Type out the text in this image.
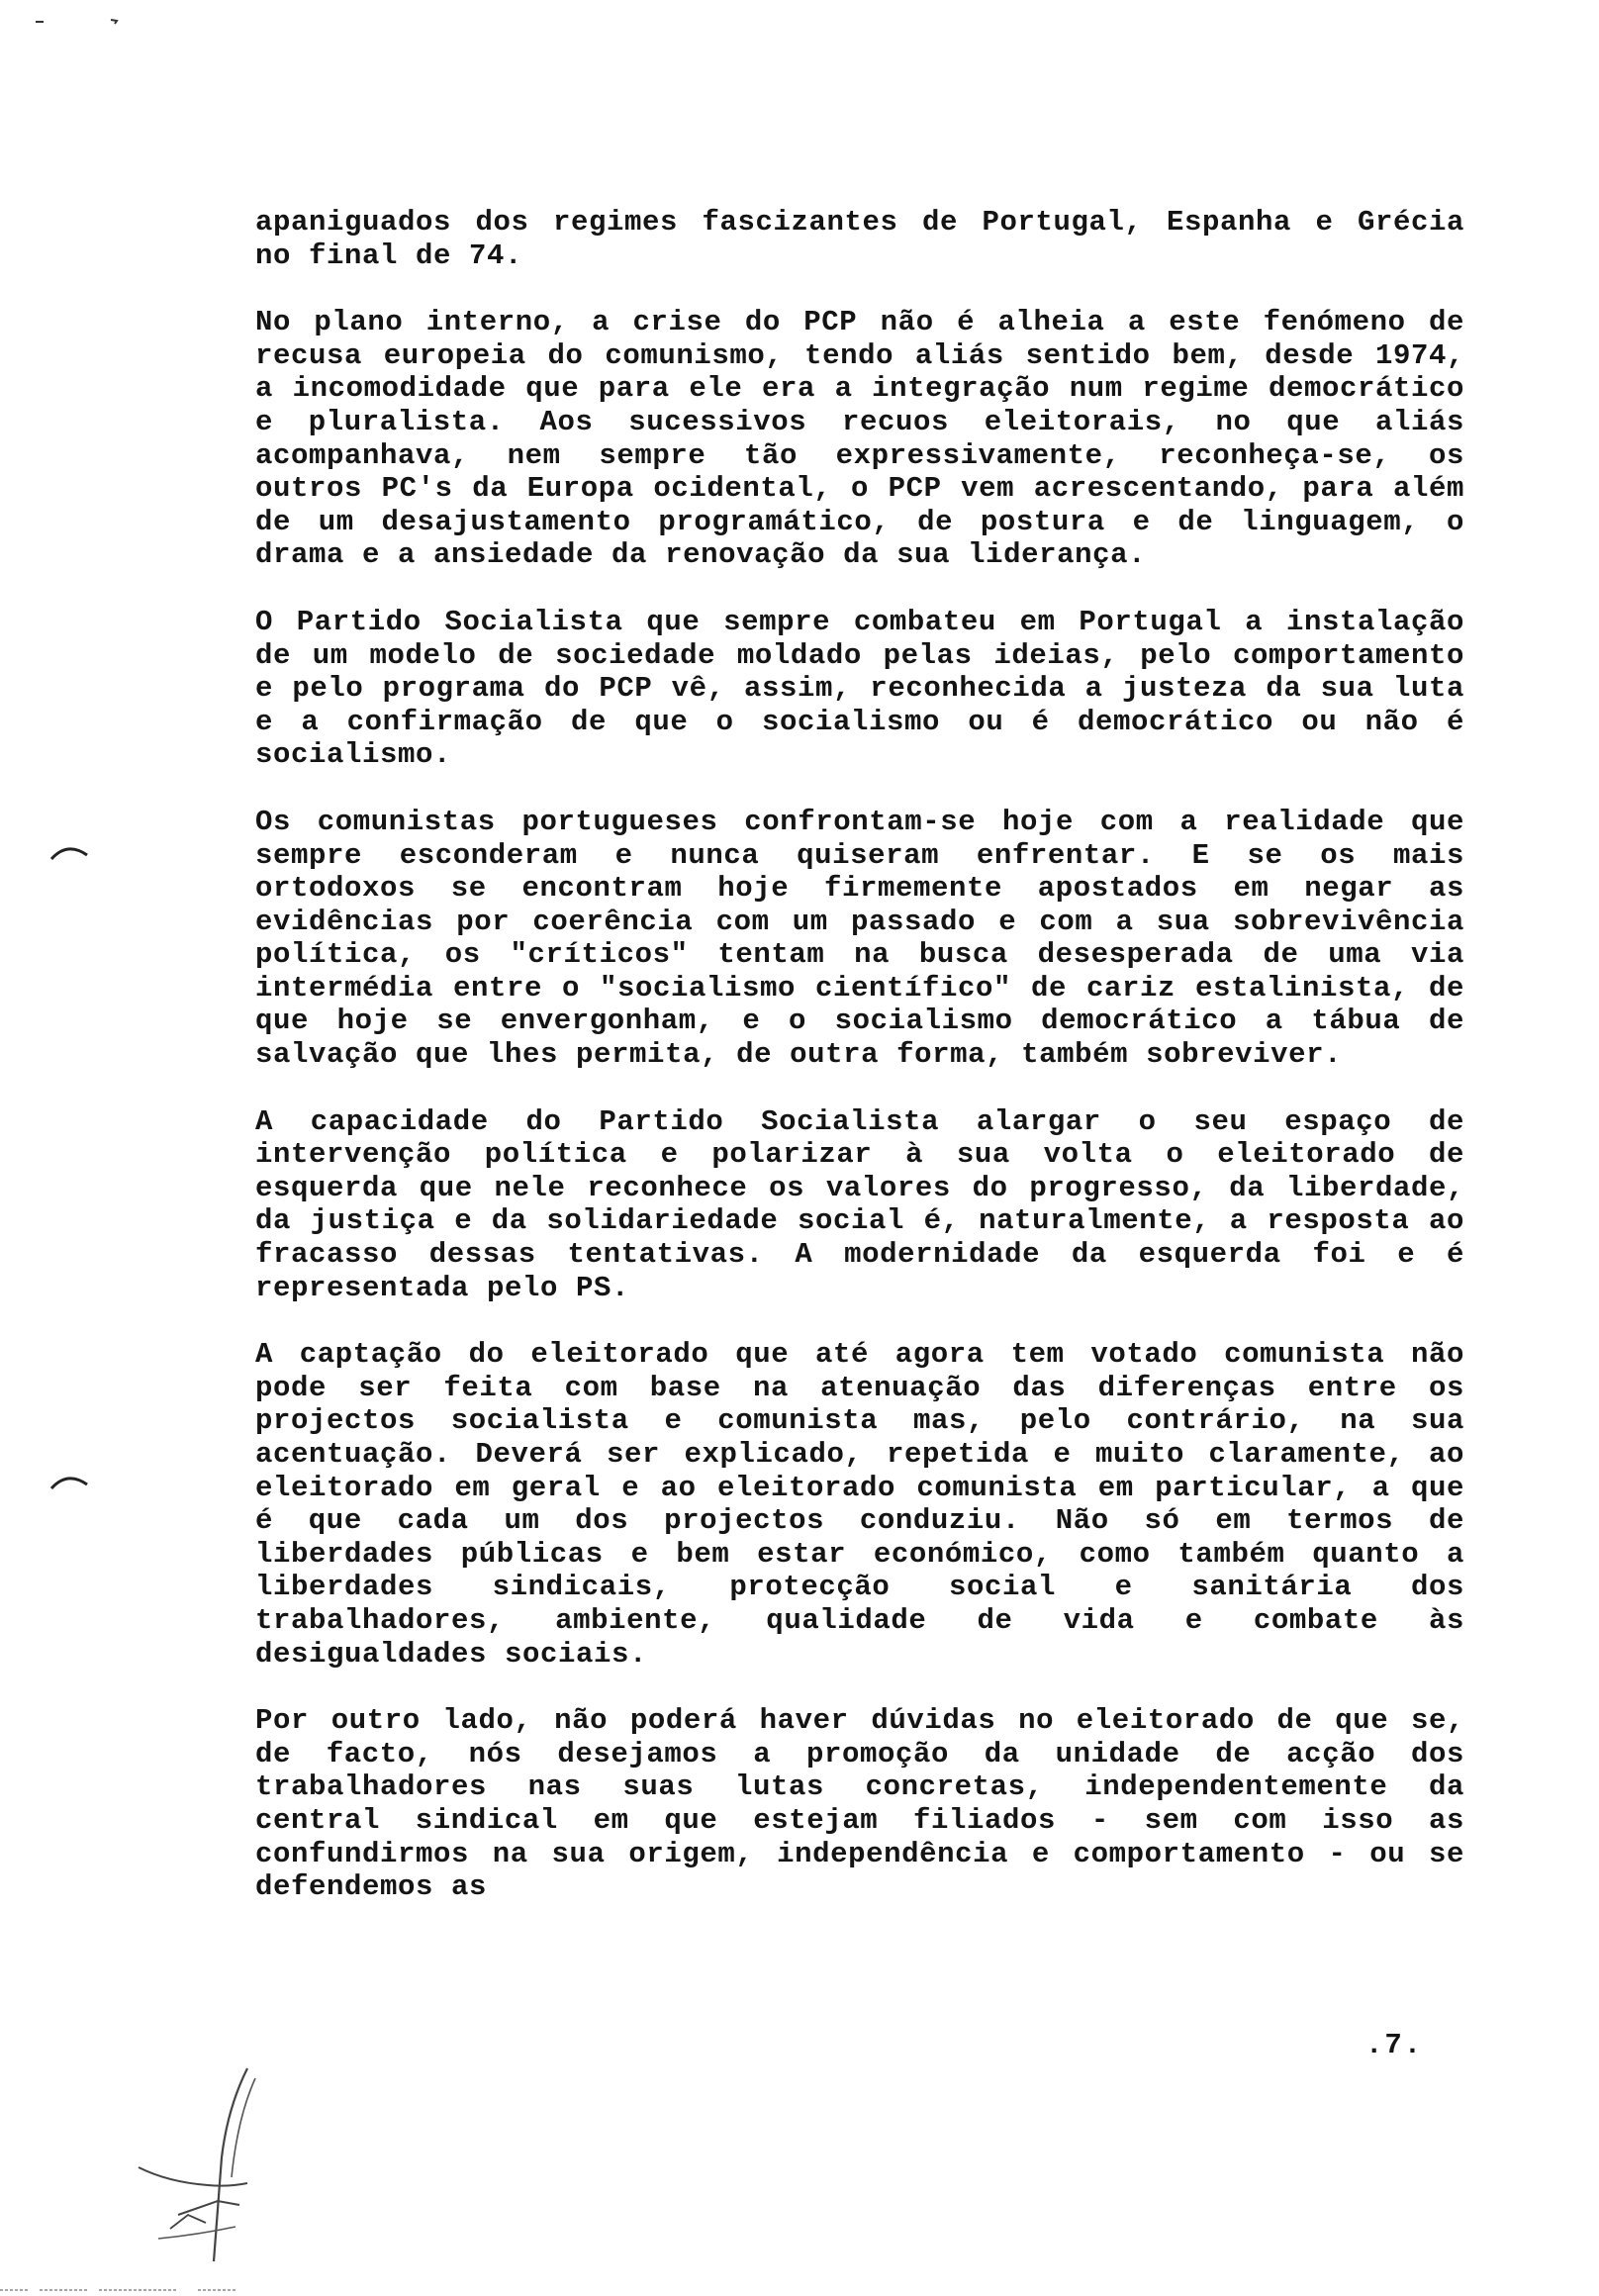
apaniguados dos regimes fascizantes de Portugal, Espanha e Grécia no final de 74.

No plano interno, a crise do PCP não é alheia a este fenómeno de recusa europeia do comunismo, tendo aliás sentido bem, desde 1974, a incomodidade que para ele era a integração num regime democrático e pluralista. Aos sucessivos recuos eleitorais, no que aliás acompanhava, nem sempre tão expressivamente, reconheça-se, os outros PC's da Europa ocidental, o PCP vem acrescentando, para além de um desajustamento programático, de postura e de linguagem, o drama e a ansiedade da renovação da sua liderança.

O Partido Socialista que sempre combateu em Portugal a instalação de um modelo de sociedade moldado pelas ideias, pelo comportamento e pelo programa do PCP vê, assim, reconhecida a justeza da sua luta e a confirmação de que o socialismo ou é democrático ou não é socialismo.

Os comunistas portugueses confrontam-se hoje com a realidade que sempre esconderam e nunca quiseram enfrentar. E se os mais ortodoxos se encontram hoje firmemente apostados em negar as evidências por coerência com um passado e com a sua sobrevivência política, os "críticos" tentam na busca desesperada de uma via intermédia entre o "socialismo científico" de cariz estalinista, de que hoje se envergonham, e o socialismo democrático a tábua de salvação que lhes permita, de outra forma, também sobreviver.

A capacidade do Partido Socialista alargar o seu espaço de intervenção política e polarizar à sua volta o eleitorado de esquerda que nele reconhece os valores do progresso, da liberdade, da justiça e da solidariedade social é, naturalmente, a resposta ao fracasso dessas tentativas. A modernidade da esquerda foi e é representada pelo PS.

A captação do eleitorado que até agora tem votado comunista não pode ser feita com base na atenuação das diferenças entre os projectos socialista e comunista mas, pelo contrário, na sua acentuação. Deverá ser explicado, repetida e muito claramente, ao eleitorado em geral e ao eleitorado comunista em particular, a que é que cada um dos projectos conduziu. Não só em termos de liberdades públicas e bem estar económico, como também quanto a liberdades sindicais, protecção social e sanitária dos trabalhadores, ambiente, qualidade de vida e combate às desigualdades sociais.

Por outro lado, não poderá haver dúvidas no eleitorado de que se, de facto, nós desejamos a promoção da unidade de acção dos trabalhadores nas suas lutas concretas, independentemente da central sindical em que estejam filiados - sem com isso as confundirmos na sua origem, independência e comportamento - ou se defendemos as

.7.
